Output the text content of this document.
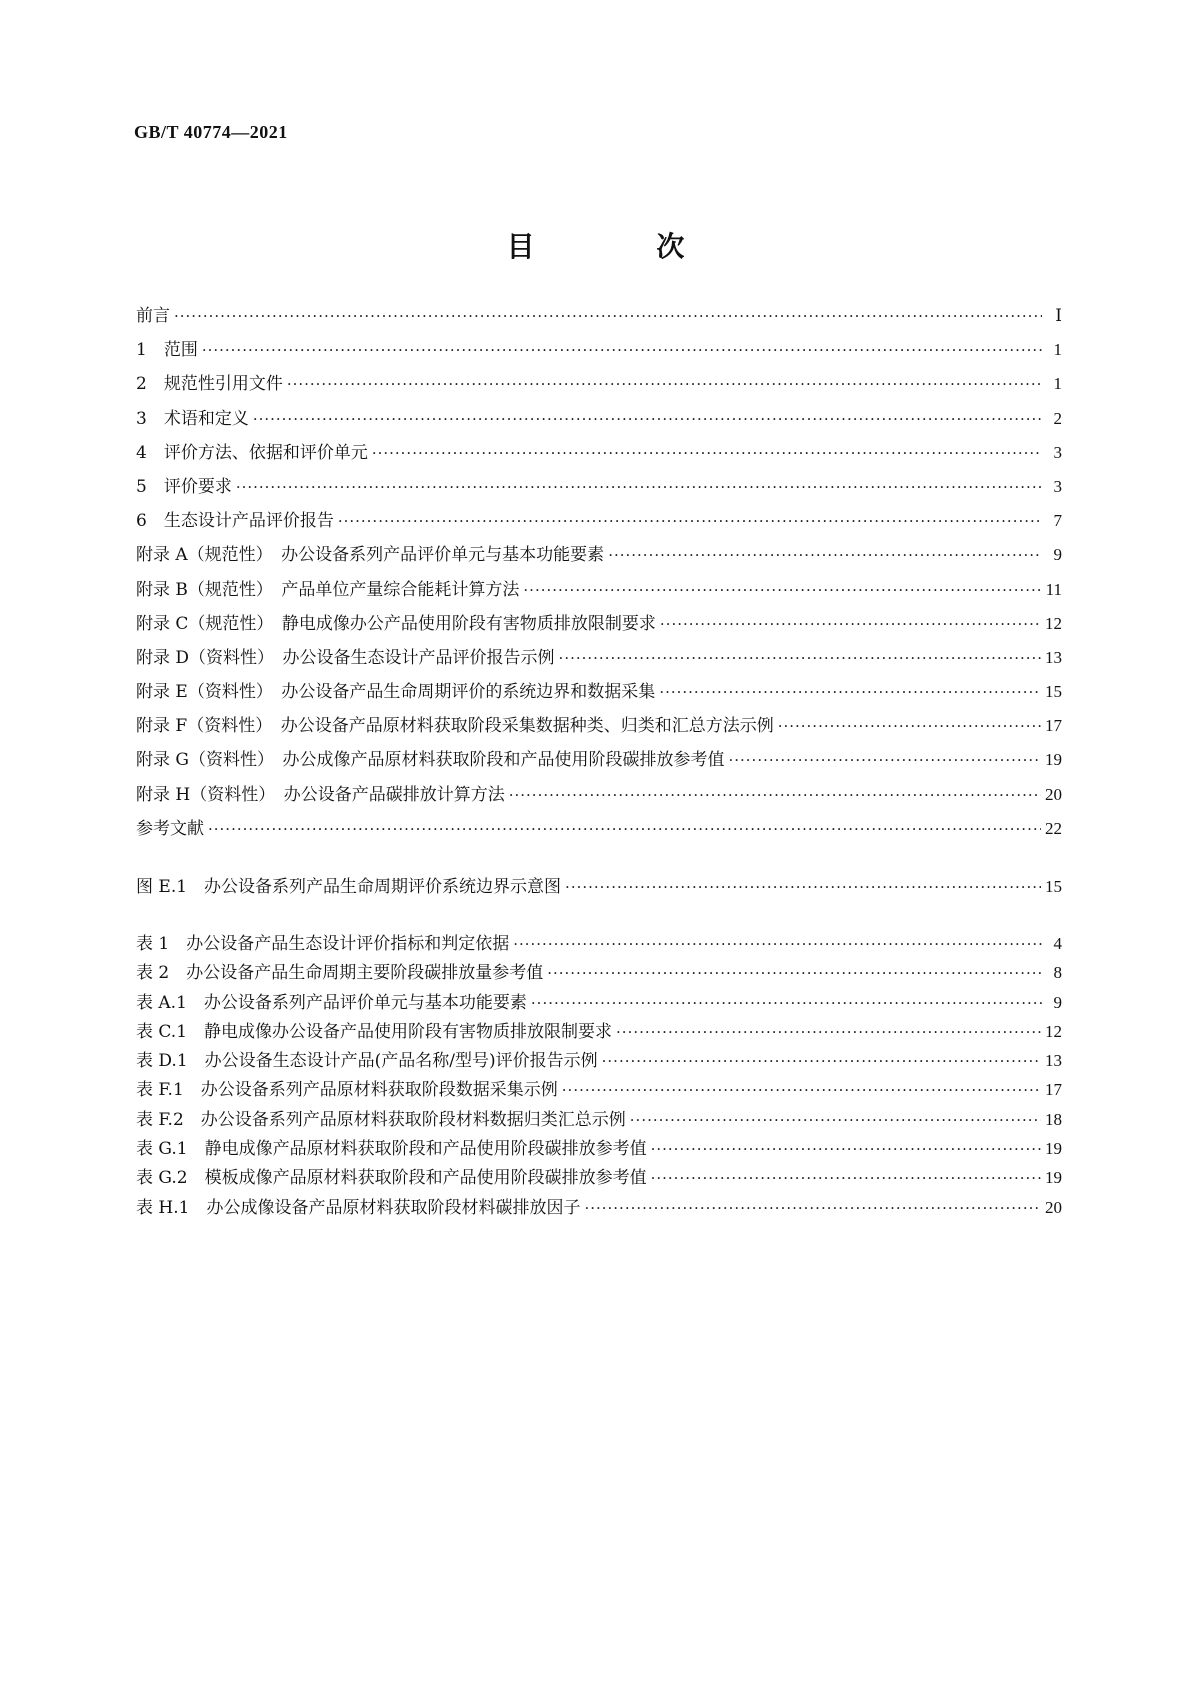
GB/T 40774—2021
目 次
前言 ·····	Ⅰ
1　范围 ·····	1
2　规范性引用文件 ·····	1
3　术语和定义 ·····	2
4　评价方法、依据和评价单元 ·····	3
5　评价要求 ·····	3
6　生态设计产品评价报告 ·····	7
附录 A（规范性）　办公设备系列产品评价单元与基本功能要素 ·····	9
附录 B（规范性）　产品单位产量综合能耗计算方法 ·····	11
附录 C（规范性）　静电成像办公产品使用阶段有害物质排放限制要求 ·····	12
附录 D（资料性）　办公设备生态设计产品评价报告示例 ·····	13
附录 E（资料性）　办公设备产品生命周期评价的系统边界和数据采集 ·····	15
附录 F（资料性）　办公设备产品原材料获取阶段采集数据种类、归类和汇总方法示例 ·····	17
附录 G（资料性）　办公成像产品原材料获取阶段和产品使用阶段碳排放参考值 ·····	19
附录 H（资料性）　办公设备产品碳排放计算方法 ·····	20
参考文献 ·····	22
图 E.1　办公设备系列产品生命周期评价系统边界示意图 ·····	15
表 1　办公设备产品生态设计评价指标和判定依据 ·····	4
表 2　办公设备产品生命周期主要阶段碳排放量参考值 ·····	8
表 A.1　办公设备系列产品评价单元与基本功能要素 ·····	9
表 C.1　静电成像办公设备产品使用阶段有害物质排放限制要求 ·····	12
表 D.1　办公设备生态设计产品(产品名称/型号)评价报告示例 ·····	13
表 F.1　办公设备系列产品原材料获取阶段数据采集示例 ·····	17
表 F.2　办公设备系列产品原材料获取阶段材料数据归类汇总示例 ·····	18
表 G.1　静电成像产品原材料获取阶段和产品使用阶段碳排放参考值 ·····	19
表 G.2　模板成像产品原材料获取阶段和产品使用阶段碳排放参考值 ·····	19
表 H.1　办公成像设备产品原材料获取阶段材料碳排放因子 ·····	20
